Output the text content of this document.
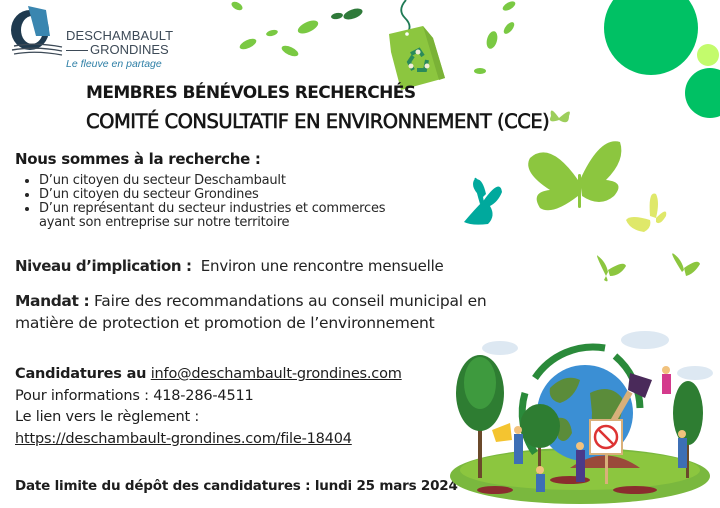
DESCHAMBAULT
GRONDINES
Le fleuve en partage
MEMBRES BÉNÉVOLES RECHERCHÉS
COMITÉ CONSULTATIF EN ENVIRONNEMENT (CCE)
Nous sommes à la recherche :
• D’un citoyen du secteur Deschambault
• D’un citoyen du secteur Grondines
• D’un représentant du secteur industries et commerces
ayant son entreprise sur notre territoire
Niveau d’implication : Environ une rencontre mensuelle
Mandat : Faire des recommandations au conseil municipal en
matière de protection et promotion de l’environnement
Candidatures au info@deschambault-grondines.com
Pour informations : 418-286-4511
Le lien vers le règlement :
https://deschambault-grondines.com/file-18404
Date limite du dépôt des candidatures : lundi 25 mars 2024
